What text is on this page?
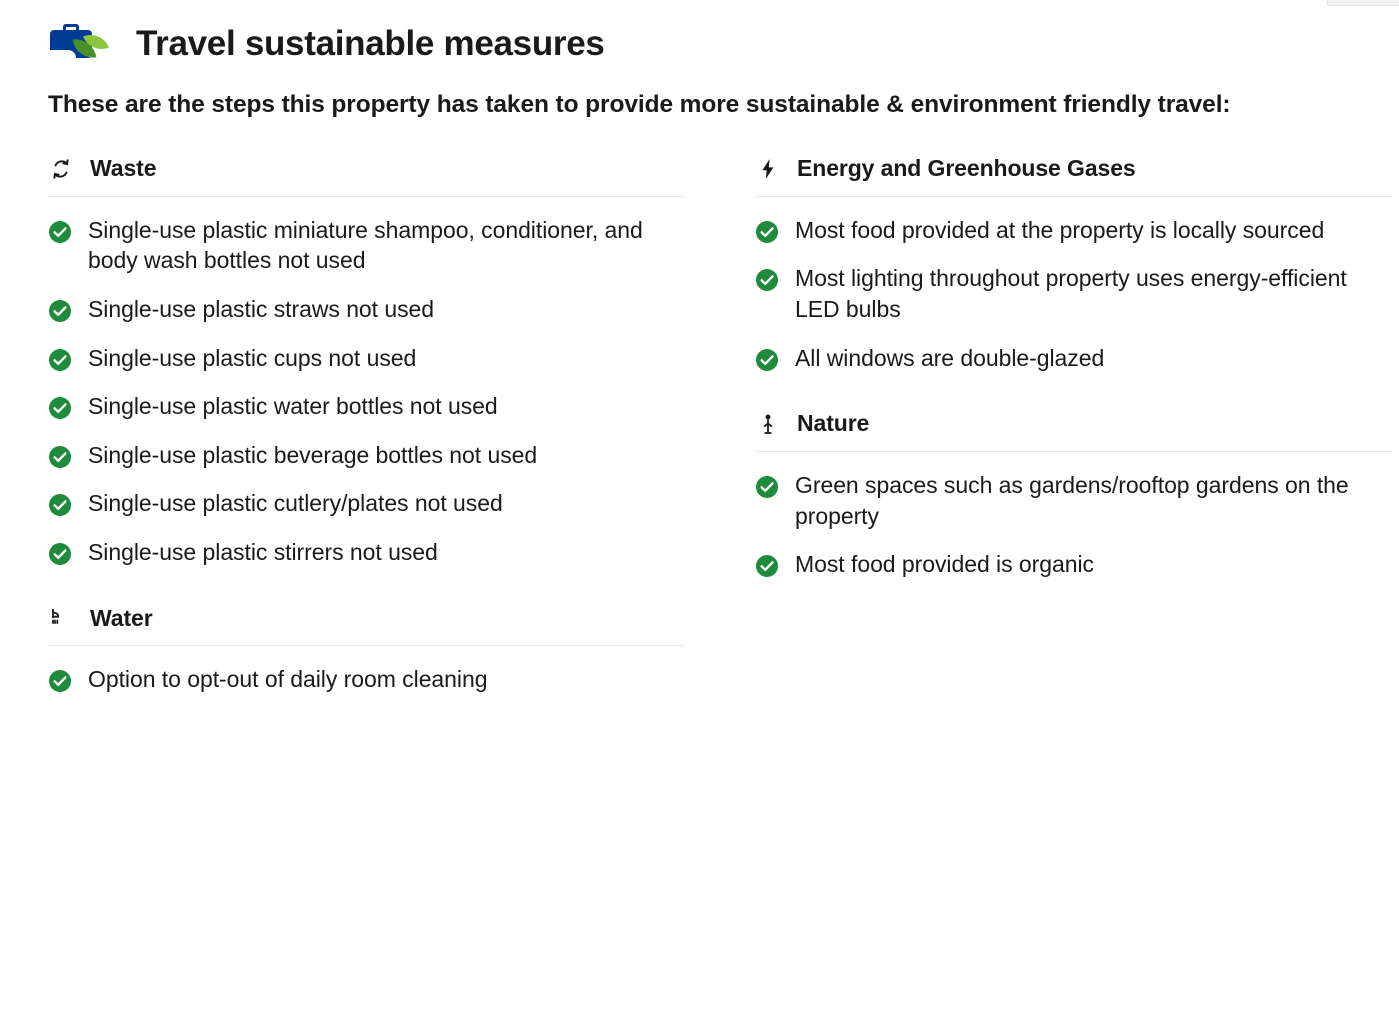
Travel sustainable measures

These are the steps this property has taken to provide more sustainable & environment friendly travel:

Waste
Single-use plastic miniature shampoo, conditioner, and body wash bottles not used
Single-use plastic straws not used
Single-use plastic cups not used
Single-use plastic water bottles not used
Single-use plastic beverage bottles not used
Single-use plastic cutlery/plates not used
Single-use plastic stirrers not used
Water
Option to opt-out of daily room cleaning
Energy and Greenhouse Gases
Most food provided at the property is locally sourced
Most lighting throughout property uses energy-efficient LED bulbs
All windows are double-glazed
Nature
Green spaces such as gardens/rooftop gardens on the property
Most food provided is organic
